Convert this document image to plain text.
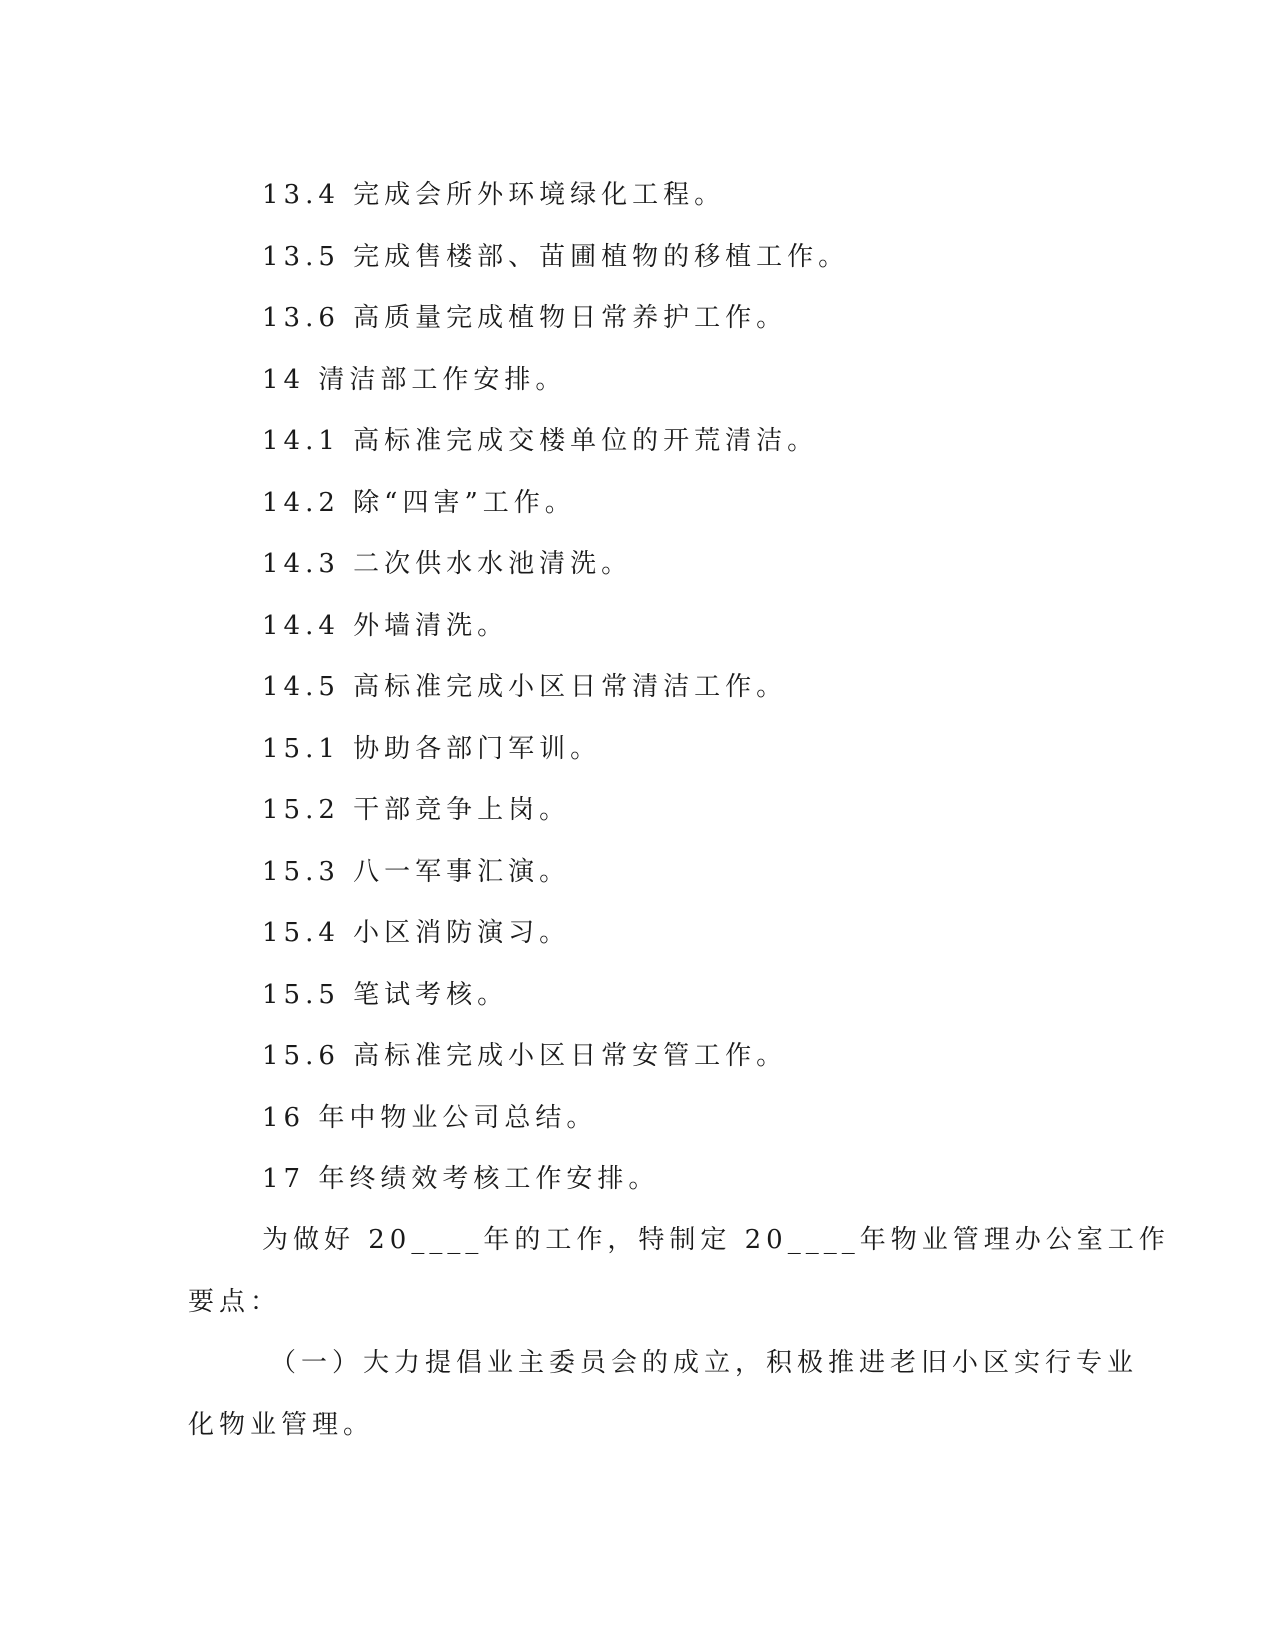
13.4 完成会所外环境绿化工程。
13.5 完成售楼部、苗圃植物的移植工作。
13.6 高质量完成植物日常养护工作。
14 清洁部工作安排。
14.1 高标准完成交楼单位的开荒清洁。
14.2 除“四害”工作。
14.3 二次供水水池清洗。
14.4 外墙清洗。
14.5 高标准完成小区日常清洁工作。
15.1 协助各部门军训。
15.2 干部竞争上岗。
15.3 八一军事汇演。
15.4 小区消防演习。
15.5 笔试考核。
15.6 高标准完成小区日常安管工作。
16 年中物业公司总结。
17 年终绩效考核工作安排。
为做好 20____年的工作，特制定 20____年物业管理办公室工作
要点：
（一）大力提倡业主委员会的成立，积极推进老旧小区实行专业
化物业管理。
